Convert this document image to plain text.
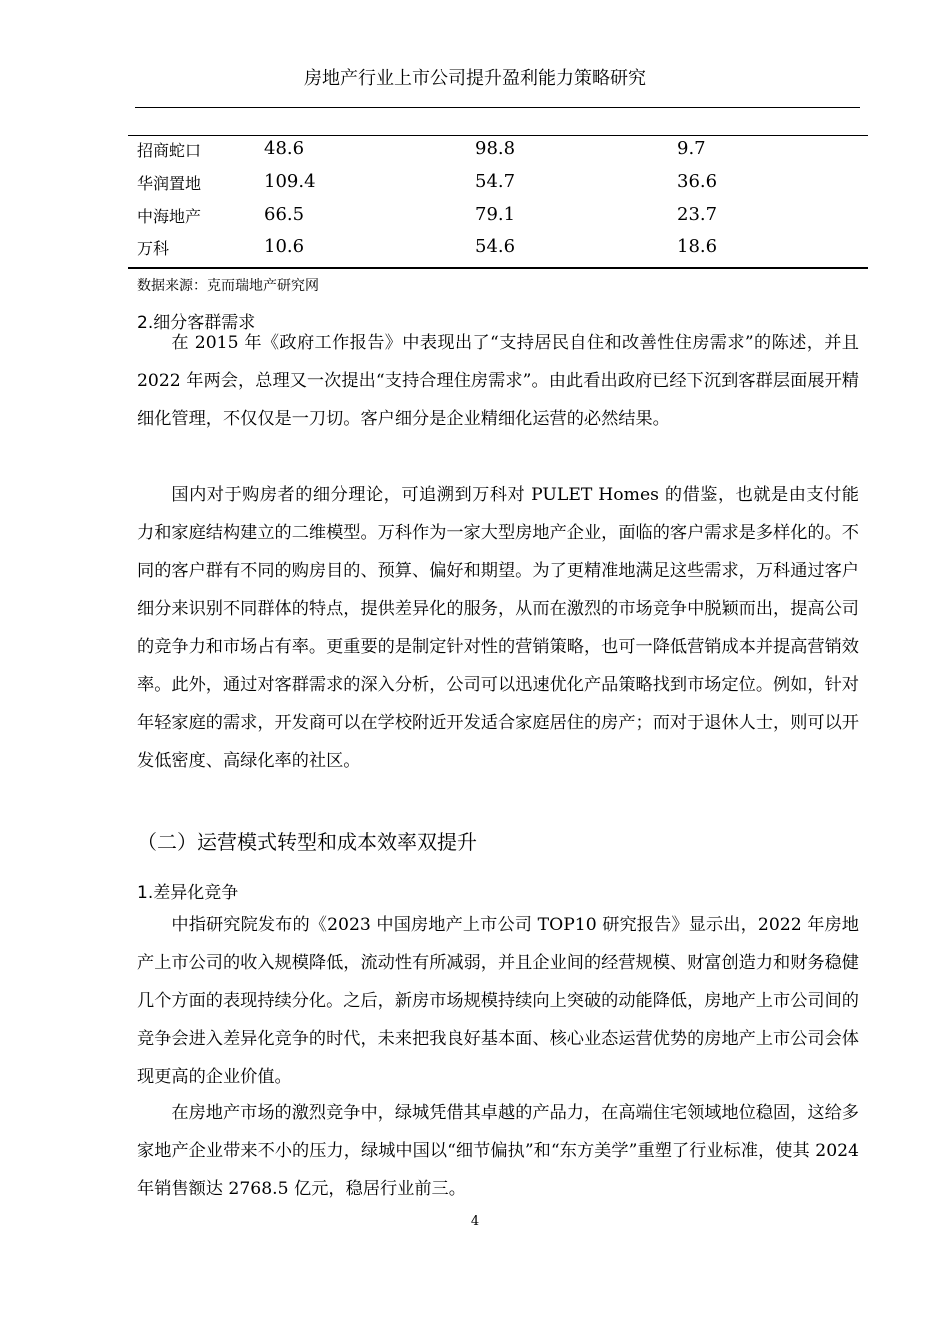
房地产行业上市公司提升盈利能力策略研究
招商蛇口	48.6	98.8	9.7
华润置地	109.4	54.7	36.6
中海地产	66.5	79.1	23.7
万科	10.6	54.6	18.6
数据来源：克而瑞地产研究网
2.细分客群需求

在 2015 年《政府工作报告》中表现出了“支持居民自住和改善性住房需求”的陈述，并且 2022 年两会，总理又一次提出“支持合理住房需求”。由此看出政府已经下沉到客群层面展开精细化管理，不仅仅是一刀切。客户细分是企业精细化运营的必然结果。

国内对于购房者的细分理论，可追溯到万科对 PULET Homes 的借鉴，也就是由支付能力和家庭结构建立的二维模型。万科作为一家大型房地产企业，面临的客户需求是多样化的。不同的客户群有不同的购房目的、预算、偏好和期望。为了更精准地满足这些需求，万科通过客户细分来识别不同群体的特点，提供差异化的服务，从而在激烈的市场竞争中脱颖而出，提高公司的竞争力和市场占有率。更重要的是制定针对性的营销策略，也可一降低营销成本并提高营销效率。此外，通过对客群需求的深入分析，公司可以迅速优化产品策略找到市场定位。例如，针对年轻家庭的需求，开发商可以在学校附近开发适合家庭居住的房产；而对于退休人士，则可以开发低密度、高绿化率的社区。

（二）运营模式转型和成本效率双提升
1.差异化竞争

中指研究院发布的《2023 中国房地产上市公司 TOP10 研究报告》显示出，2022 年房地产上市公司的收入规模降低，流动性有所减弱，并且企业间的经营规模、财富创造力和财务稳健几个方面的表现持续分化。之后，新房市场规模持续向上突破的动能降低，房地产上市公司间的竞争会进入差异化竞争的时代，未来把我良好基本面、核心业态运营优势的房地产上市公司会体现更高的企业价值。

在房地产市场的激烈竞争中，绿城凭借其卓越的产品力，在高端住宅领域地位稳固，这给多家地产企业带来不小的压力，绿城中国以“细节偏执”和“东方美学”重塑了行业标准，使其 2024 年销售额达 2768.5 亿元，稳居行业前三。

4
